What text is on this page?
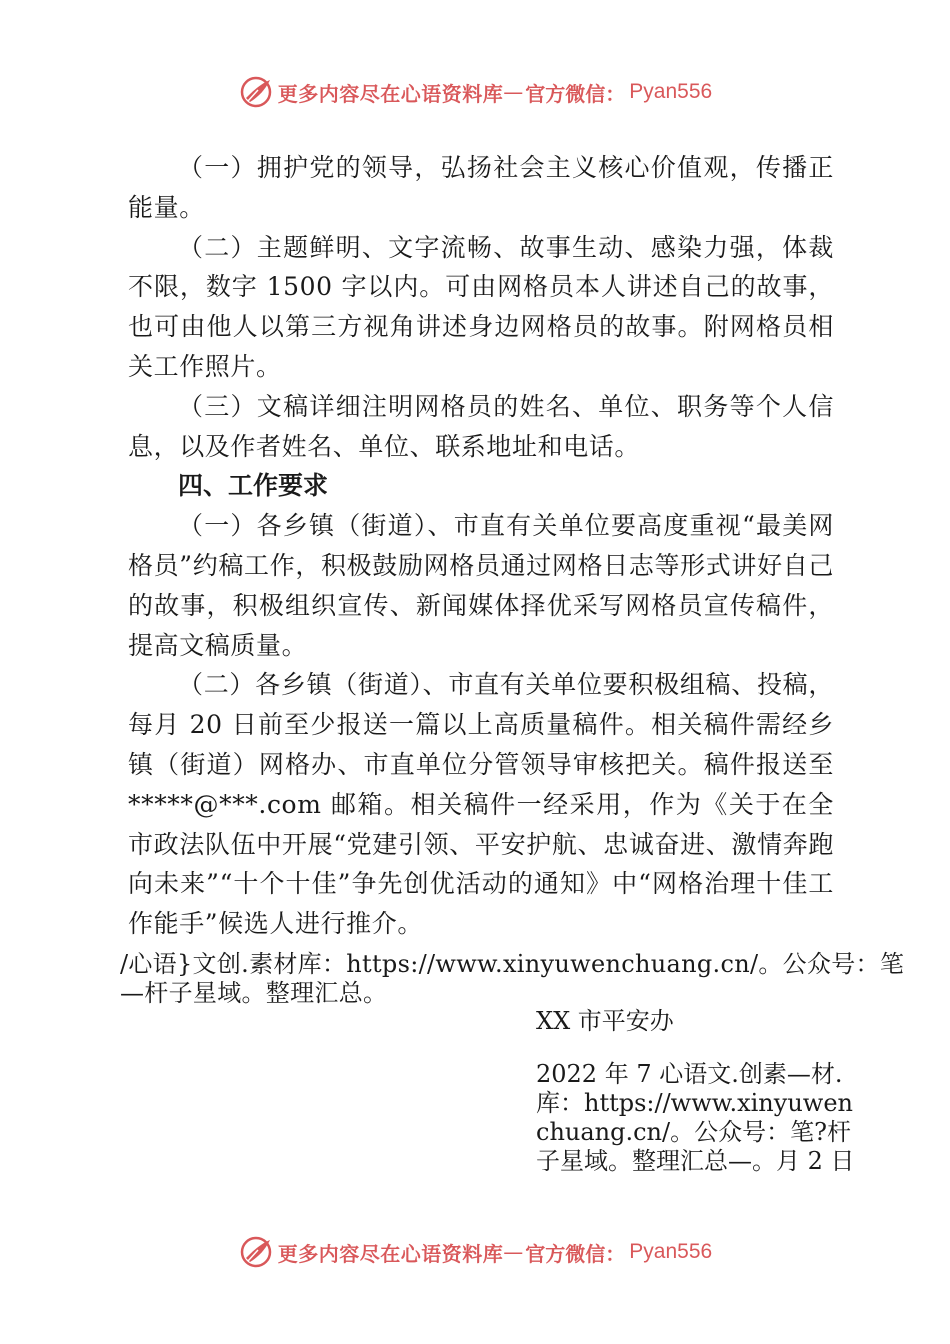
更多内容尽在心语资料库 — 官方微信： Pyan556

（一）拥护党的领导，弘扬社会主义核心价值观，传播正能量。

（二）主题鲜明、文字流畅、故事生动、感染力强，体裁不限，数字 1500 字以内。可由网格员本人讲述自己的故事，也可由他人以第三方视角讲述身边网格员的故事。附网格员相关工作照片。

（三）文稿详细注明网格员的姓名、单位、职务等个人信息，以及作者姓名、单位、联系地址和电话。

四、工作要求

（一）各乡镇（街道）、市直有关单位要高度重视“最美网格员”约稿工作，积极鼓励网格员通过网格日志等形式讲好自己的故事，积极组织宣传、新闻媒体择优采写网格员宣传稿件，提高文稿质量。

（二）各乡镇（街道）、市直有关单位要积极组稿、投稿，每月 20 日前至少报送一篇以上高质量稿件。相关稿件需经乡镇（街道）网格办、市直单位分管领导审核把关。稿件报送至*****@***.com 邮箱。相关稿件一经采用，作为《关于在全市政法队伍中开展“党建引领、平安护航、忠诚奋进、激情奔跑向未来”“十个十佳”争先创优活动的通知》中“网格治理十佳工作能手”候选人进行推介。

/心语}文创.素材库：https://www.xinyuwenchuang.cn/。公众号：笔—杆子星域。整理汇总。

XX 市平安办

2022 年 7 心语文.创素—材.库：https://www.xinyuwenchuang.cn/。公众号：笔?杆子星域。整理汇总—。月 2 日

更多内容尽在心语资料库 — 官方微信： Pyan556
